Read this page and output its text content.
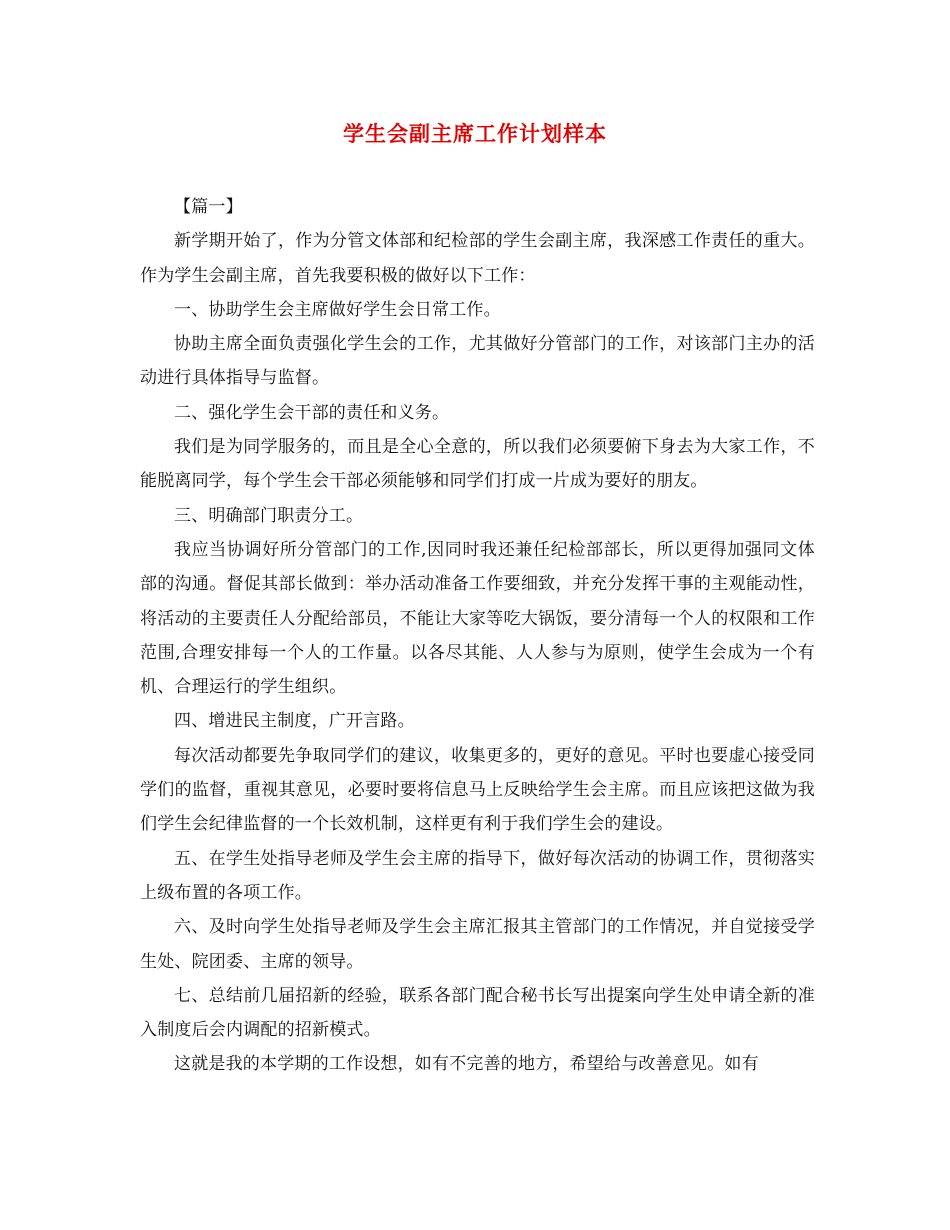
学生会副主席工作计划样本

【篇一】

新学期开始了，作为分管文体部和纪检部的学生会副主席，我深感工作责任的重大。作为学生会副主席，首先我要积极的做好以下工作：

一、协助学生会主席做好学生会日常工作。

协助主席全面负责强化学生会的工作，尤其做好分管部门的工作，对该部门主办的活动进行具体指导与监督。

二、强化学生会干部的责任和义务。

我们是为同学服务的，而且是全心全意的，所以我们必须要俯下身去为大家工作，不能脱离同学，每个学生会干部必须能够和同学们打成一片成为要好的朋友。

三、明确部门职责分工。

我应当协调好所分管部门的工作,因同时我还兼任纪检部部长，所以更得加强同文体部的沟通。督促其部长做到：举办活动准备工作要细致，并充分发挥干事的主观能动性，将活动的主要责任人分配给部员，不能让大家等吃大锅饭，要分清每一个人的权限和工作范围,合理安排每一个人的工作量。以各尽其能、人人参与为原则，使学生会成为一个有机、合理运行的学生组织。

四、增进民主制度，广开言路。

每次活动都要先争取同学们的建议，收集更多的，更好的意见。平时也要虚心接受同学们的监督，重视其意见，必要时要将信息马上反映给学生会主席。而且应该把这做为我们学生会纪律监督的一个长效机制，这样更有利于我们学生会的建设。

五、在学生处指导老师及学生会主席的指导下，做好每次活动的协调工作，贯彻落实上级布置的各项工作。

六、及时向学生处指导老师及学生会主席汇报其主管部门的工作情况，并自觉接受学生处、院团委、主席的领导。

七、总结前几届招新的经验，联系各部门配合秘书长写出提案向学生处申请全新的准入制度后会内调配的招新模式。

这就是我的本学期的工作设想，如有不完善的地方，希望给与改善意见。如有
